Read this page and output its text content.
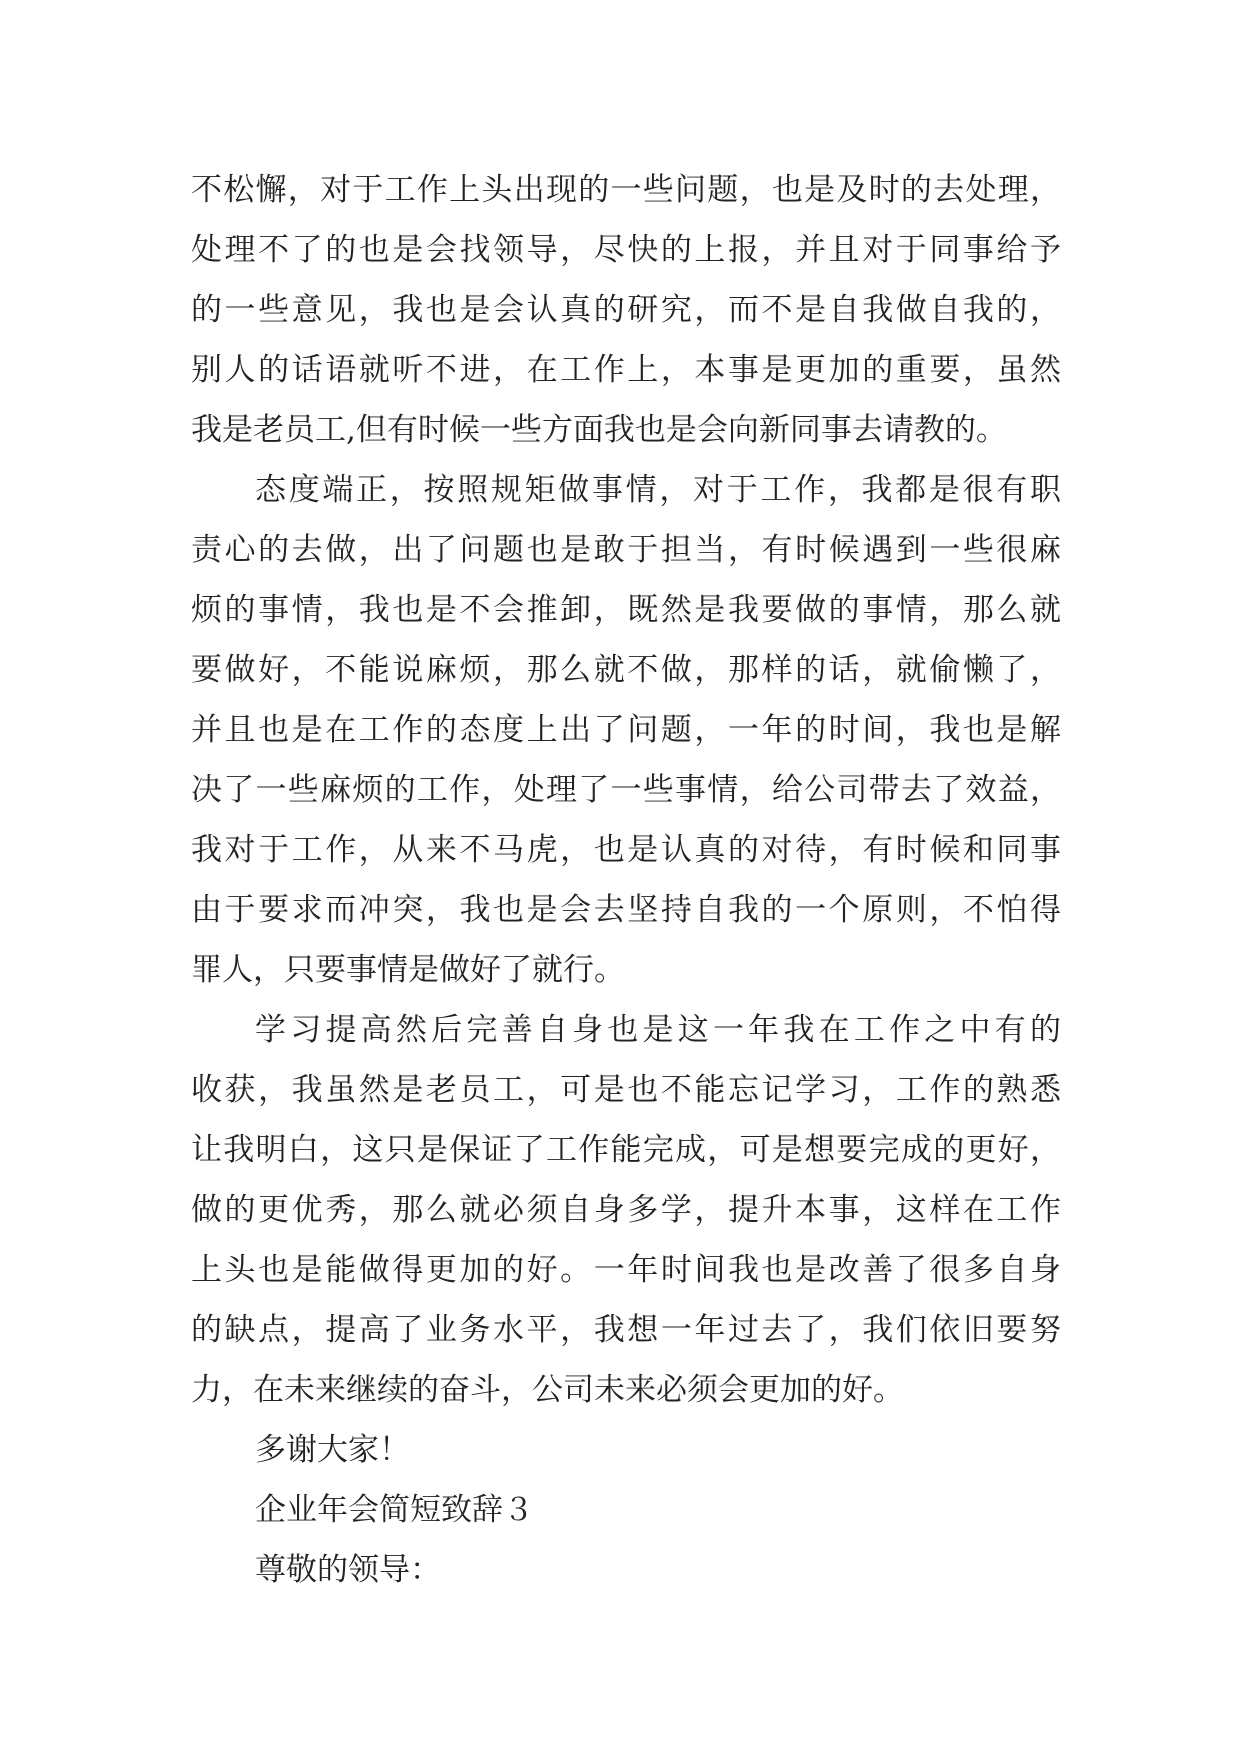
不松懈，对于工作上头出现的一些问题，也是及时的去处理，
处理不了的也是会找领导，尽快的上报，并且对于同事给予
的一些意见，我也是会认真的研究，而不是自我做自我的，
别人的话语就听不进，在工作上，本事是更加的重要，虽然
我是老员工,但有时候一些方面我也是会向新同事去请教的。
态度端正，按照规矩做事情，对于工作，我都是很有职
责心的去做，出了问题也是敢于担当，有时候遇到一些很麻
烦的事情，我也是不会推卸，既然是我要做的事情，那么就
要做好，不能说麻烦，那么就不做，那样的话，就偷懒了，
并且也是在工作的态度上出了问题，一年的时间，我也是解
决了一些麻烦的工作，处理了一些事情，给公司带去了效益，
我对于工作，从来不马虎，也是认真的对待，有时候和同事
由于要求而冲突，我也是会去坚持自我的一个原则，不怕得
罪人，只要事情是做好了就行。
学习提高然后完善自身也是这一年我在工作之中有的
收获，我虽然是老员工，可是也不能忘记学习，工作的熟悉
让我明白，这只是保证了工作能完成，可是想要完成的更好，
做的更优秀，那么就必须自身多学，提升本事，这样在工作
上头也是能做得更加的好。一年时间我也是改善了很多自身
的缺点，提高了业务水平，我想一年过去了，我们依旧要努
力，在未来继续的奋斗，公司未来必须会更加的好。
多谢大家！
企业年会简短致辞３
尊敬的领导：
